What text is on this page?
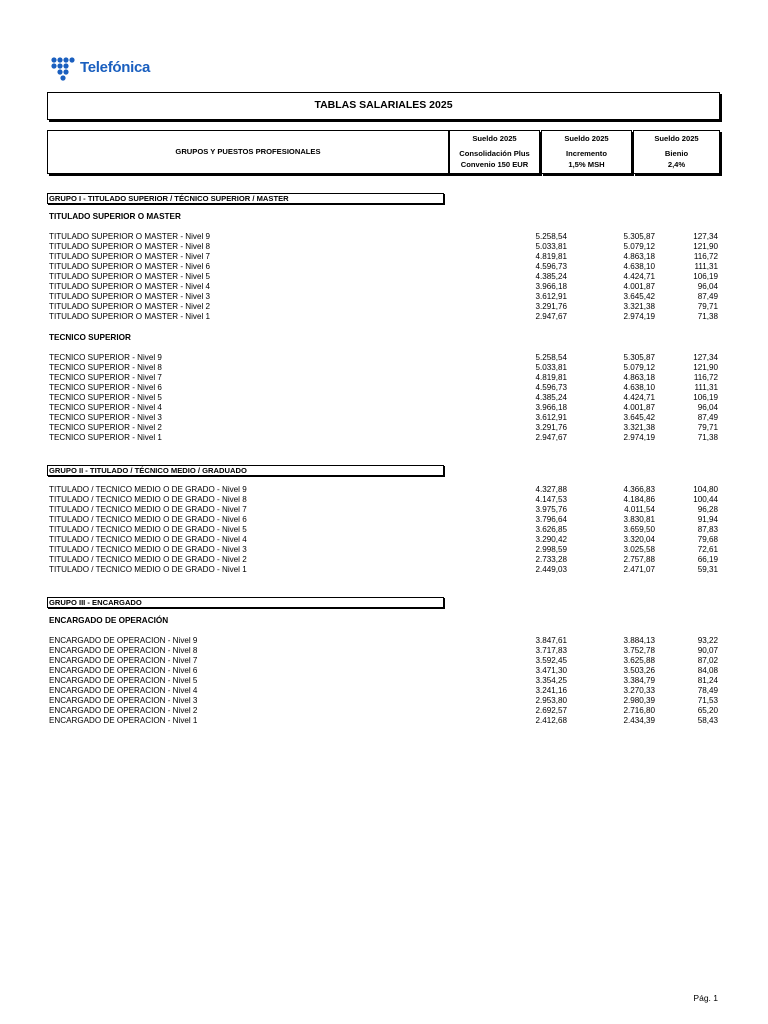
Telefónica
TABLAS SALARIALES 2025
GRUPOS Y PUESTOS PROFESIONALES
Sueldo 2025
Consolidación Plus
Convenio 150 EUR
Sueldo 2025
Incremento
1,5% MSH
Sueldo 2025
Bienio
2,4%
GRUPO I - TITULADO SUPERIOR / TÉCNICO SUPERIOR / MASTER
TITULADO SUPERIOR O MASTER
TITULADO SUPERIOR O MASTER - Nivel 9	5.258,54	5.305,87	127,34
TITULADO SUPERIOR O MASTER - Nivel 8	5.033,81	5.079,12	121,90
TITULADO SUPERIOR O MASTER - Nivel 7	4.819,81	4.863,18	116,72
TITULADO SUPERIOR O MASTER - Nivel 6	4.596,73	4.638,10	111,31
TITULADO SUPERIOR O MASTER - Nivel 5	4.385,24	4.424,71	106,19
TITULADO SUPERIOR O MASTER - Nivel 4	3.966,18	4.001,87	96,04
TITULADO SUPERIOR O MASTER - Nivel 3	3.612,91	3.645,42	87,49
TITULADO SUPERIOR O MASTER - Nivel 2	3.291,76	3.321,38	79,71
TITULADO SUPERIOR O MASTER - Nivel 1	2.947,67	2.974,19	71,38
TECNICO SUPERIOR
TECNICO SUPERIOR - Nivel 9	5.258,54	5.305,87	127,34
TECNICO SUPERIOR - Nivel 8	5.033,81	5.079,12	121,90
TECNICO SUPERIOR - Nivel 7	4.819,81	4.863,18	116,72
TECNICO SUPERIOR - Nivel 6	4.596,73	4.638,10	111,31
TECNICO SUPERIOR - Nivel 5	4.385,24	4.424,71	106,19
TECNICO SUPERIOR - Nivel 4	3.966,18	4.001,87	96,04
TECNICO SUPERIOR - Nivel 3	3.612,91	3.645,42	87,49
TECNICO SUPERIOR - Nivel 2	3.291,76	3.321,38	79,71
TECNICO SUPERIOR - Nivel 1	2.947,67	2.974,19	71,38
GRUPO II - TITULADO / TÉCNICO MEDIO / GRADUADO
TITULADO / TECNICO MEDIO O DE GRADO - Nivel 9	4.327,88	4.366,83	104,80
TITULADO / TECNICO MEDIO O DE GRADO - Nivel 8	4.147,53	4.184,86	100,44
TITULADO / TECNICO MEDIO O DE GRADO - Nivel 7	3.975,76	4.011,54	96,28
TITULADO / TECNICO MEDIO O DE GRADO - Nivel 6	3.796,64	3.830,81	91,94
TITULADO / TECNICO MEDIO O DE GRADO - Nivel 5	3.626,85	3.659,50	87,83
TITULADO / TECNICO MEDIO O DE GRADO - Nivel 4	3.290,42	3.320,04	79,68
TITULADO / TECNICO MEDIO O DE GRADO - Nivel 3	2.998,59	3.025,58	72,61
TITULADO / TECNICO MEDIO O DE GRADO - Nivel 2	2.733,28	2.757,88	66,19
TITULADO / TECNICO MEDIO O DE GRADO - Nivel 1	2.449,03	2.471,07	59,31
GRUPO III - ENCARGADO
ENCARGADO DE OPERACIÓN
ENCARGADO DE OPERACION - Nivel 9	3.847,61	3.884,13	93,22
ENCARGADO DE OPERACION - Nivel 8	3.717,83	3.752,78	90,07
ENCARGADO DE OPERACION - Nivel 7	3.592,45	3.625,88	87,02
ENCARGADO DE OPERACION - Nivel 6	3.471,30	3.503,26	84,08
ENCARGADO DE OPERACION - Nivel 5	3.354,25	3.384,79	81,24
ENCARGADO DE OPERACION - Nivel 4	3.241,16	3.270,33	78,49
ENCARGADO DE OPERACION - Nivel 3	2.953,80	2.980,39	71,53
ENCARGADO DE OPERACION - Nivel 2	2.692,57	2.716,80	65,20
ENCARGADO DE OPERACION - Nivel 1	2.412,68	2.434,39	58,43
Pág. 1
